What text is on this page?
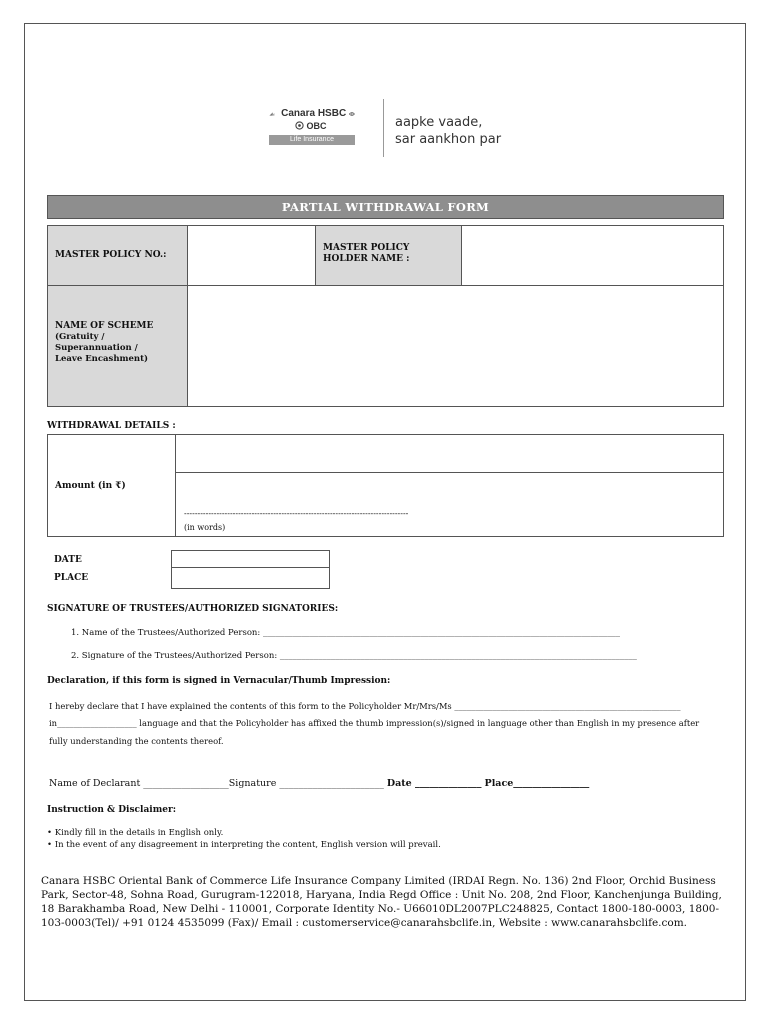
Canara HSBC
OBC
Life Insurance
aapke vaade,
sar aankhon par
PARTIAL WITHDRAWAL FORM
MASTER POLICY NO.:
MASTER POLICY
HOLDER NAME :
NAME OF SCHEME
(Gratuity /
Superannuation /
Leave Encashment)
WITHDRAWAL DETAILS :
Amount (in ₹)
-----------------------------------------------------------------------------------
(in words)
DATE
PLACE
SIGNATURE OF TRUSTEES/AUTHORIZED SIGNATORIES:
1. Name of the Trustees/Authorized Person: ____________________________________________________________________________________
2. Signature of the Trustees/Authorized Person: ____________________________________________________________________________________
Declaration, if this form is signed in Vernacular/Thumb Impression:
I hereby declare that I have explained the contents of this form to the Policyholder Mr/Mrs/Ms ______________________________________________________
in___________________ language and that the Policyholder has affixed the thumb impression(s)/signed in language other than English in my presence after
fully understanding the contents thereof.
Name of Declarant __________________Signature ______________________ Date ______________ Place________________
Instruction & Disclaimer:
• Kindly fill in the details in English only.
• In the event of any disagreement in interpreting the content, English version will prevail.
Canara HSBC Oriental Bank of Commerce Life Insurance Company Limited (IRDAI Regn. No. 136) 2nd Floor, Orchid Business Park, Sector-48, Sohna Road, Gurugram-122018, Haryana, India Regd Office : Unit No. 208, 2nd Floor, Kanchenjunga Building, 18 Barakhamba Road, New Delhi - 110001, Corporate Identity No.- U66010DL2007PLC248825, Contact 1800-180-0003, 1800-103-0003(Tel)/ +91 0124 4535099 (Fax)/ Email : customerservice@canarahsbclife.in, Website : www.canarahsbclife.com.
